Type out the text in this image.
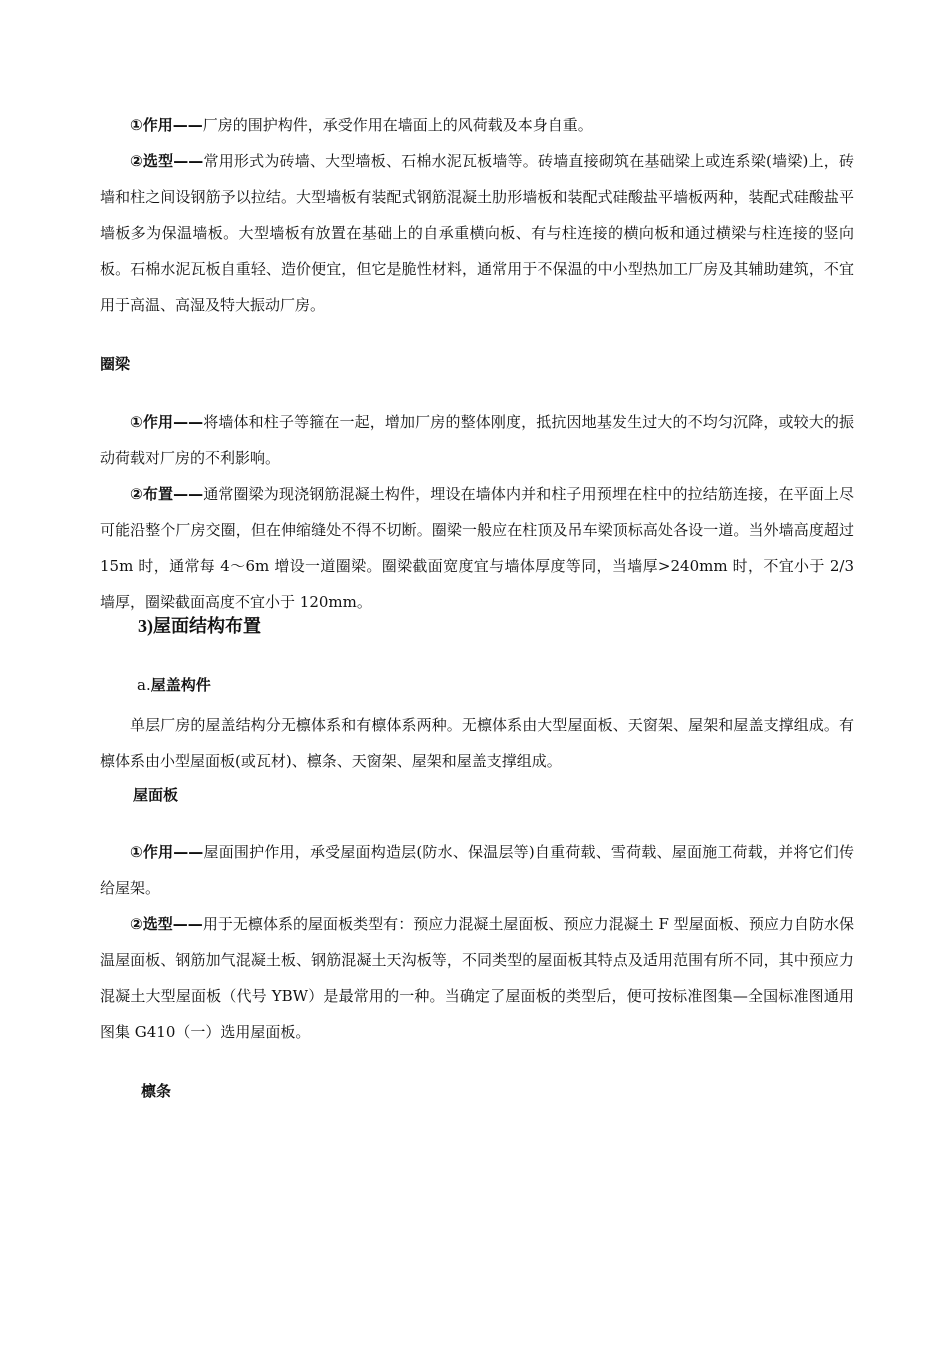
①作用——厂房的围护构件，承受作用在墙面上的风荷载及本身自重。

②选型——常用形式为砖墙、大型墙板、石棉水泥瓦板墙等。砖墙直接砌筑在基础梁上或连系梁(墙梁)上，砖墙和柱之间设钢筋予以拉结。大型墙板有装配式钢筋混凝土肋形墙板和装配式硅酸盐平墙板两种，装配式硅酸盐平墙板多为保温墙板。大型墙板有放置在基础上的自承重横向板、有与柱连接的横向板和通过横梁与柱连接的竖向板。石棉水泥瓦板自重轻、造价便宜，但它是脆性材料，通常用于不保温的中小型热加工厂房及其辅助建筑，不宜用于高温、高湿及特大振动厂房。

圈梁

①作用——将墙体和柱子等箍在一起，增加厂房的整体刚度，抵抗因地基发生过大的不均匀沉降，或较大的振动荷载对厂房的不利影响。

②布置——通常圈梁为现浇钢筋混凝土构件，埋设在墙体内并和柱子用预埋在柱中的拉结筋连接，在平面上尽可能沿整个厂房交圈，但在伸缩缝处不得不切断。圈梁一般应在柱顶及吊车梁顶标高处各设一道。当外墙高度超过 15m 时，通常每 4～6m 增设一道圈梁。圈梁截面宽度宜与墙体厚度等同，当墙厚>240mm 时，不宜小于 2/3 墙厚，圈梁截面高度不宜小于 120mm。

3)屋面结构布置

a.屋盖构件

单层厂房的屋盖结构分无檩体系和有檩体系两种。无檩体系由大型屋面板、天窗架、屋架和屋盖支撑组成。有檩体系由小型屋面板(或瓦材)、檩条、天窗架、屋架和屋盖支撑组成。

屋面板

①作用——屋面围护作用，承受屋面构造层(防水、保温层等)自重荷载、雪荷载、屋面施工荷载，并将它们传给屋架。

②选型——用于无檩体系的屋面板类型有：预应力混凝土屋面板、预应力混凝土 F 型屋面板、预应力自防水保温屋面板、钢筋加气混凝土板、钢筋混凝土天沟板等，不同类型的屋面板其特点及适用范围有所不同，其中预应力混凝土大型屋面板（代号 YBW）是最常用的一种。当确定了屋面板的类型后，便可按标准图集—全国标准图通用图集 G410（一）选用屋面板。

檩条
